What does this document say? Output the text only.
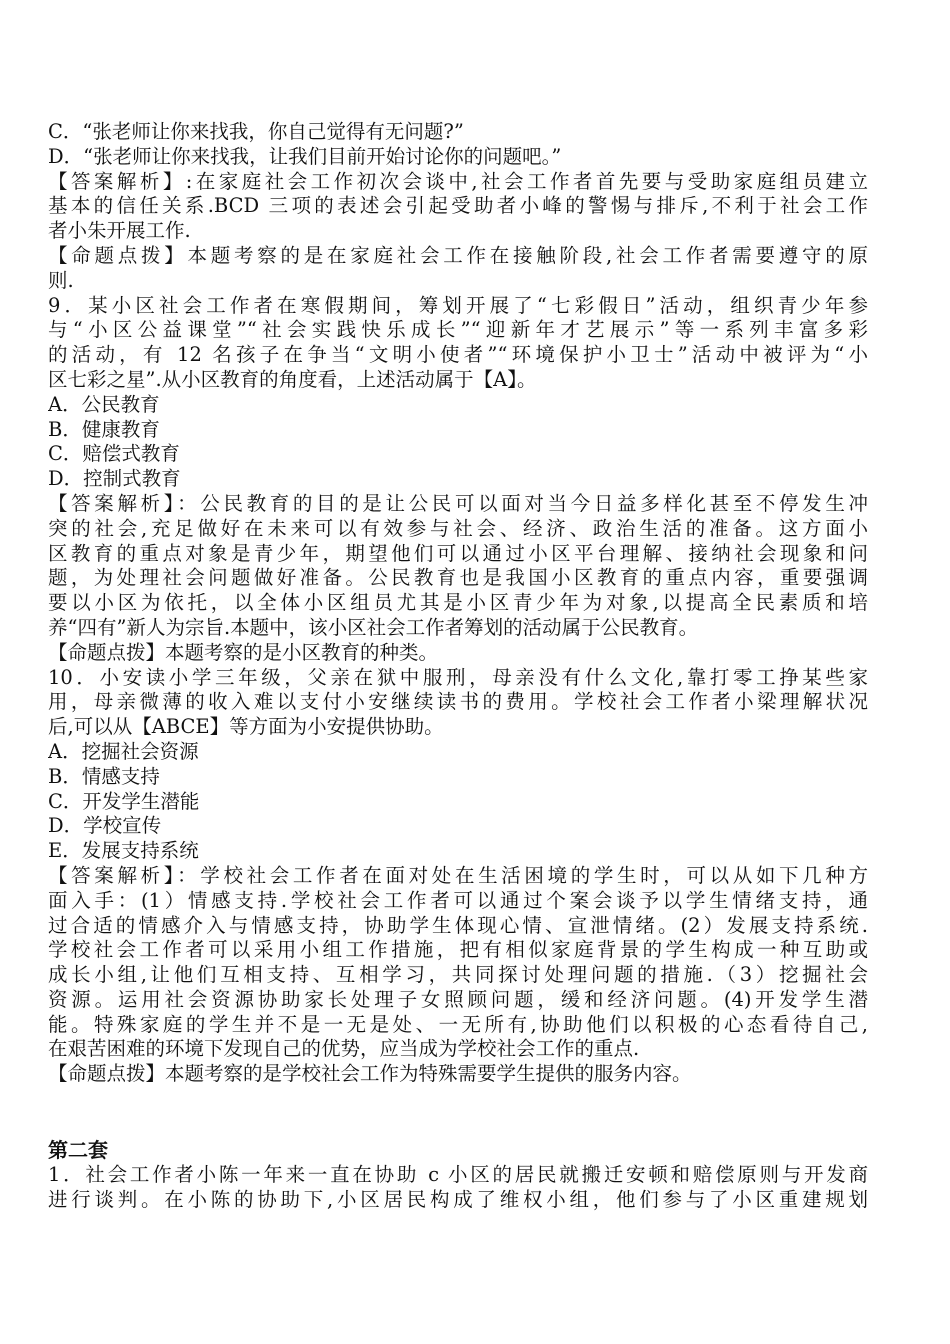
C．“张老师让你来找我，你自己觉得有无问题?”
D．“张老师让你来找我，让我们目前开始讨论你的问题吧。”
【答案解析】:在家庭社会工作初次会谈中,社会工作者首先要与受助家庭组员建立
基本的信任关系.BCD 三项的表述会引起受助者小峰的警惕与排斥,不利于社会工作
者小朱开展工作.
【命题点拨】本题考察的是在家庭社会工作在接触阶段,社会工作者需要遵守的原
则.
9．某小区社会工作者在寒假期间，筹划开展了“七彩假日”活动，组织青少年参
与“小区公益课堂”“社会实践快乐成长”“迎新年才艺展示”等一系列丰富多彩
的活动，有 12 名孩子在争当“文明小使者”“环境保护小卫士”活动中被评为“小
区七彩之星”.从小区教育的角度看，上述活动属于【A】。
A．公民教育
B．健康教育
C．赔偿式教育
D．控制式教育
【答案解析】：公民教育的目的是让公民可以面对当今日益多样化甚至不停发生冲
突的社会,充足做好在未来可以有效参与社会、经济、政治生活的准备。这方面小
区教育的重点对象是青少年，期望他们可以通过小区平台理解、接纳社会现象和问
题，为处理社会问题做好准备。公民教育也是我国小区教育的重点内容，重要强调
要以小区为依托，以全体小区组员尤其是小区青少年为对象,以提高全民素质和培
养“四有”新人为宗旨.本题中，该小区社会工作者筹划的活动属于公民教育。
【命题点拨】本题考察的是小区教育的种类。
10．小安读小学三年级，父亲在狱中服刑，母亲没有什么文化,靠打零工挣某些家
用，母亲微薄的收入难以支付小安继续读书的费用。学校社会工作者小梁理解状况
后,可以从【ABCE】等方面为小安提供协助。
A．挖掘社会资源
B．情感支持
C．开发学生潜能
D．学校宣传
E．发展支持系统
【答案解析】：学校社会工作者在面对处在生活困境的学生时，可以从如下几种方
面入手：(1）情感支持.学校社会工作者可以通过个案会谈予以学生情绪支持，通
过合适的情感介入与情感支持，协助学生体现心情、宣泄情绪。(2）发展支持系统.
学校社会工作者可以采用小组工作措施，把有相似家庭背景的学生构成一种互助或
成长小组,让他们互相支持、互相学习，共同探讨处理问题的措施.（3）挖掘社会
资源。运用社会资源协助家长处理子女照顾问题，缓和经济问题。(4)开发学生潜
能。特殊家庭的学生并不是一无是处、一无所有,协助他们以积极的心态看待自己,
在艰苦困难的环境下发现自己的优势，应当成为学校社会工作的重点.
【命题点拨】本题考察的是学校社会工作为特殊需要学生提供的服务内容。
第二套
1．社会工作者小陈一年来一直在协助 c 小区的居民就搬迁安顿和赔偿原则与开发商
进行谈判。在小陈的协助下,小区居民构成了维权小组，他们参与了小区重建规划
